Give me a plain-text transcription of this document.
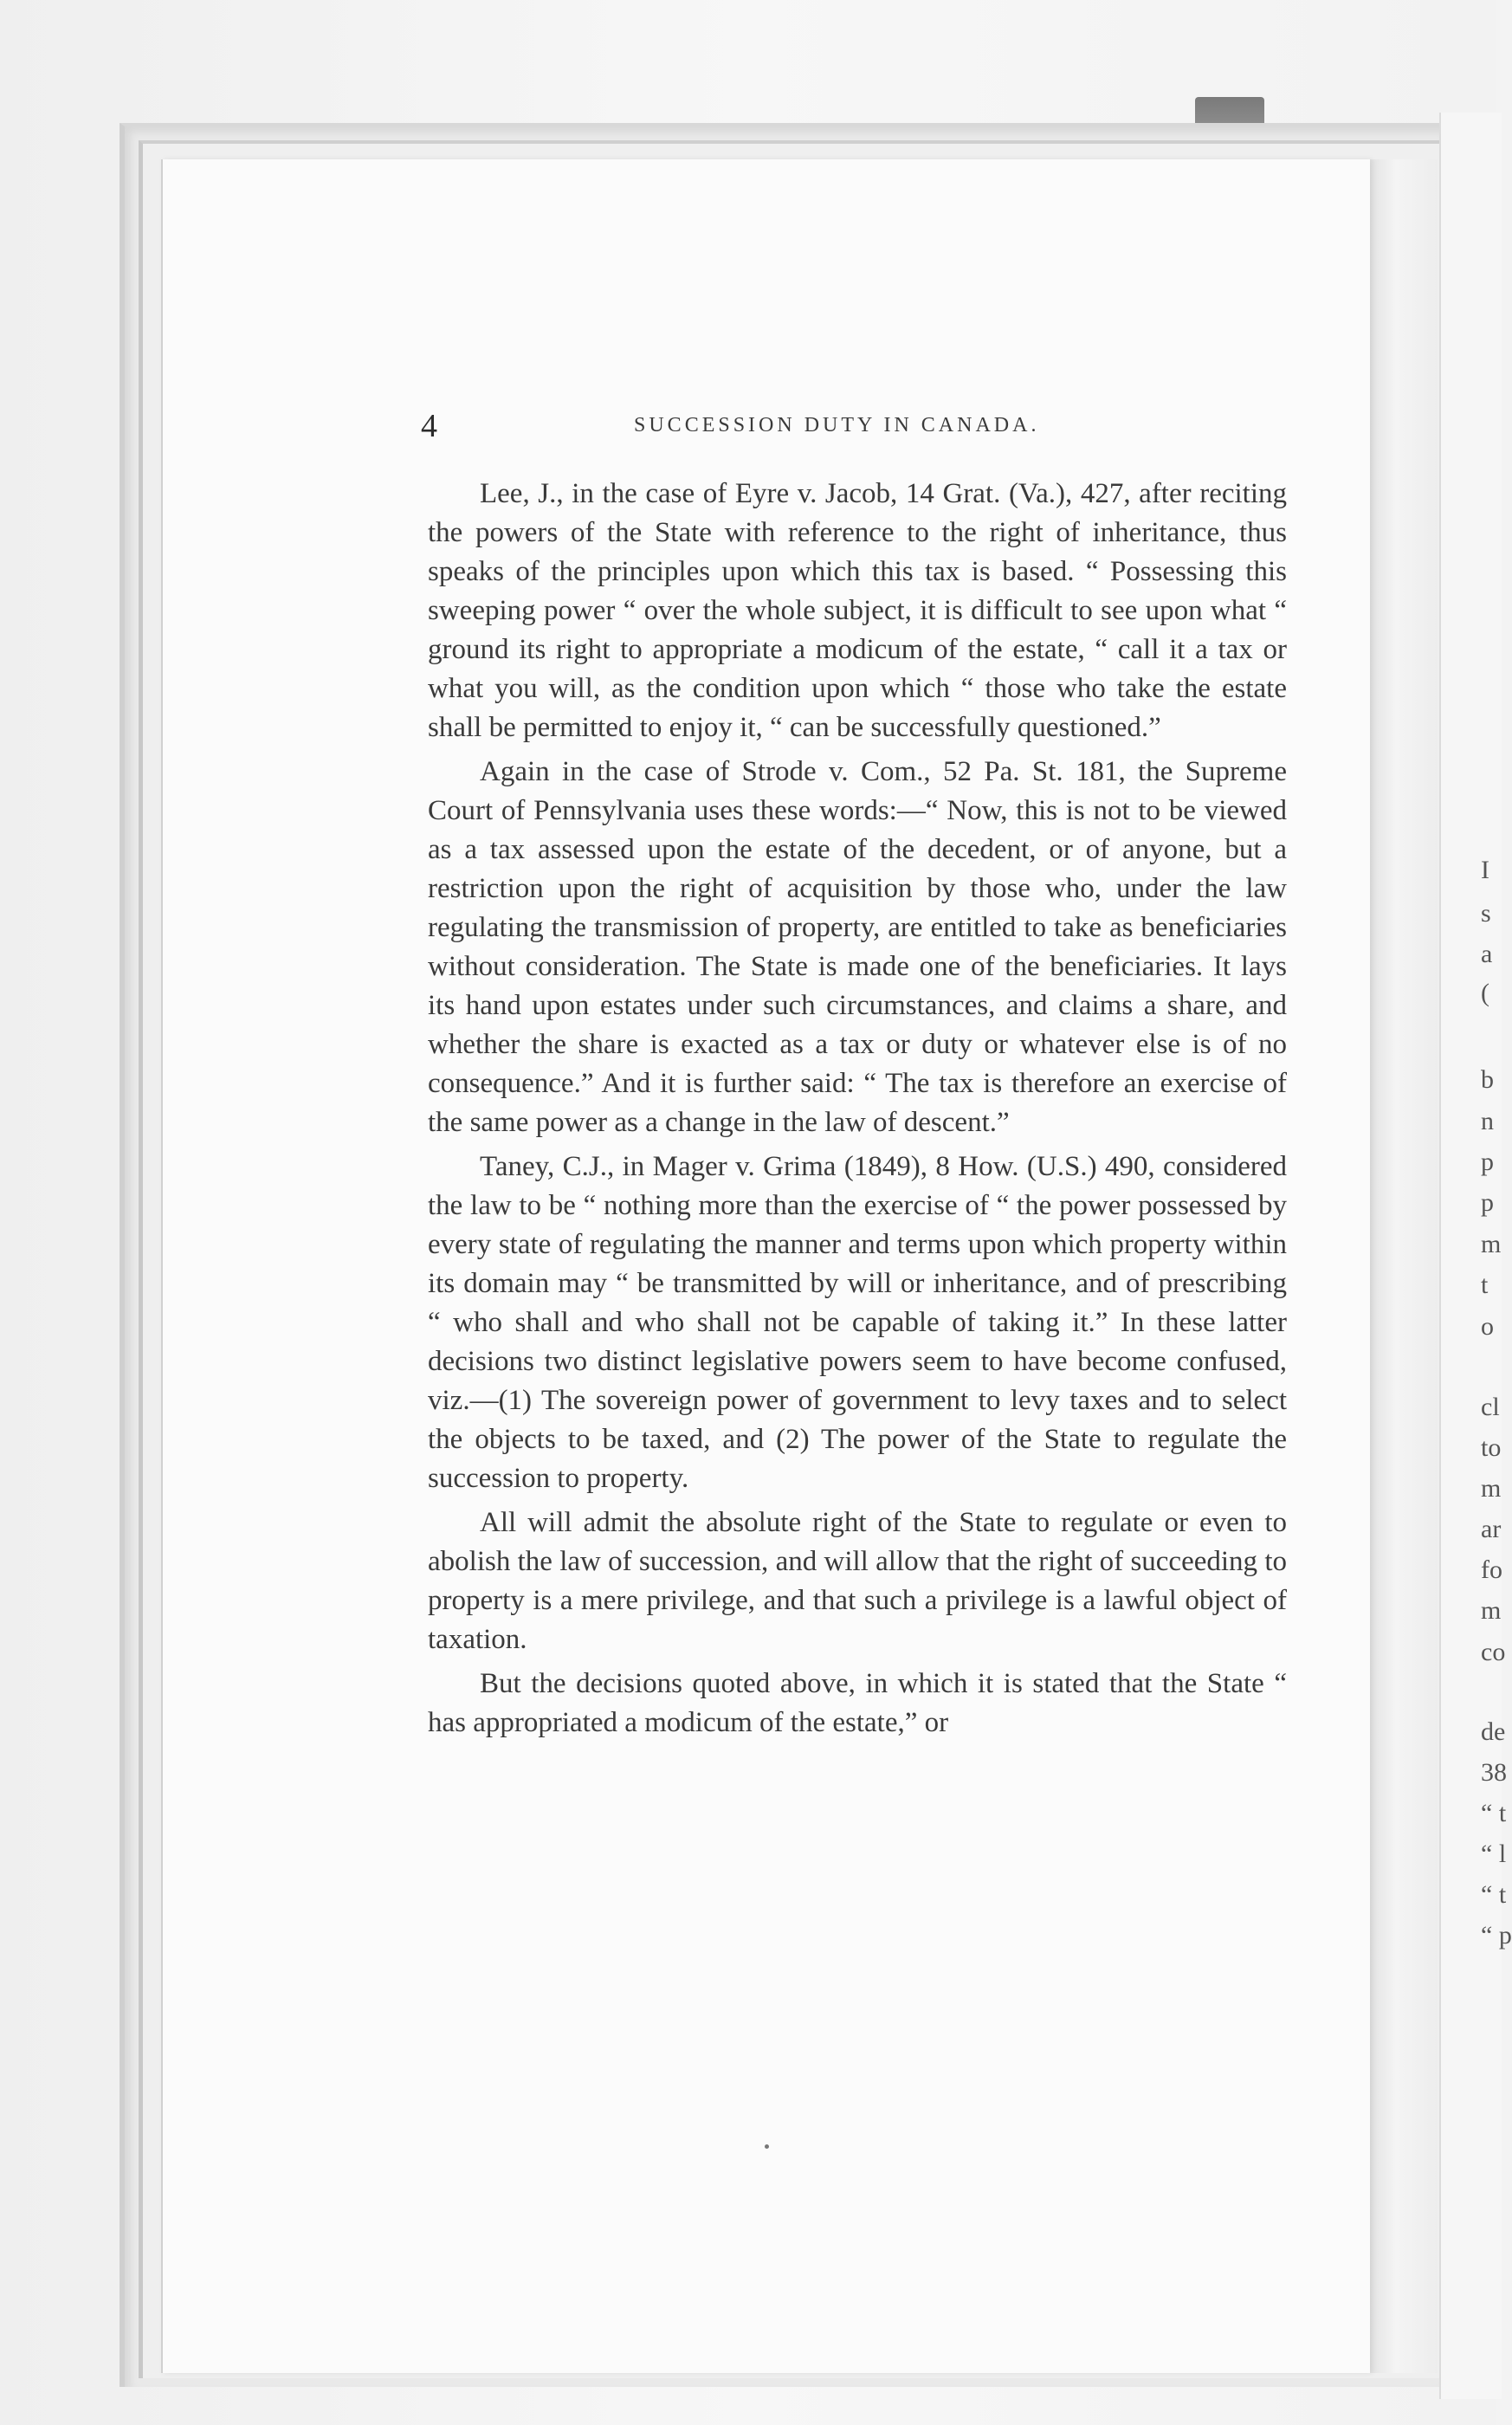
4	SUCCESSION DUTY IN CANADA.

Lee, J., in the case of Eyre v. Jacob, 14 Grat. (Va.), 427, after reciting the powers of the State with reference to the right of inheritance, thus speaks of the principles upon which this tax is based. “ Possessing this sweeping power “ over the whole subject, it is difficult to see upon what “ ground its right to appropriate a modicum of the estate, “ call it a tax or what you will, as the condition upon which “ those who take the estate shall be permitted to enjoy it, “ can be successfully questioned.”

Again in the case of Strode v. Com., 52 Pa. St. 181, the Supreme Court of Pennsylvania uses these words:—“ Now, this is not to be viewed as a tax assessed upon the estate of the decedent, or of anyone, but a restriction upon the right of acquisition by those who, under the law regulating the transmission of property, are entitled to take as beneficiaries without consideration. The State is made one of the beneficiaries. It lays its hand upon estates under such circumstances, and claims a share, and whether the share is exacted as a tax or duty or whatever else is of no consequence.” And it is further said: “ The tax is therefore an exercise of the same power as a change in the law of descent.”

Taney, C.J., in Mager v. Grima (1849), 8 How. (U.S.) 490, considered the law to be “ nothing more than the exercise of “ the power possessed by every state of regulating the manner and terms upon which property within its domain may “ be transmitted by will or inheritance, and of prescribing “ who shall and who shall not be capable of taking it.” In these latter decisions two distinct legislative powers seem to have become confused, viz.—(1) The sovereign power of government to levy taxes and to select the objects to be taxed, and (2) The power of the State to regulate the succession to property.

All will admit the absolute right of the State to regulate or even to abolish the law of succession, and will allow that the right of succeeding to property is a mere privilege, and that such a privilege is a lawful object of taxation.

But the decisions quoted above, in which it is stated that the State “ has appropriated a modicum of the estate,” or

I
s
a
(
b
n
p
p
m
t
o
cl
to
m
ar
fo
m
co
de
38
“ t
“ l
“ t
“ p
